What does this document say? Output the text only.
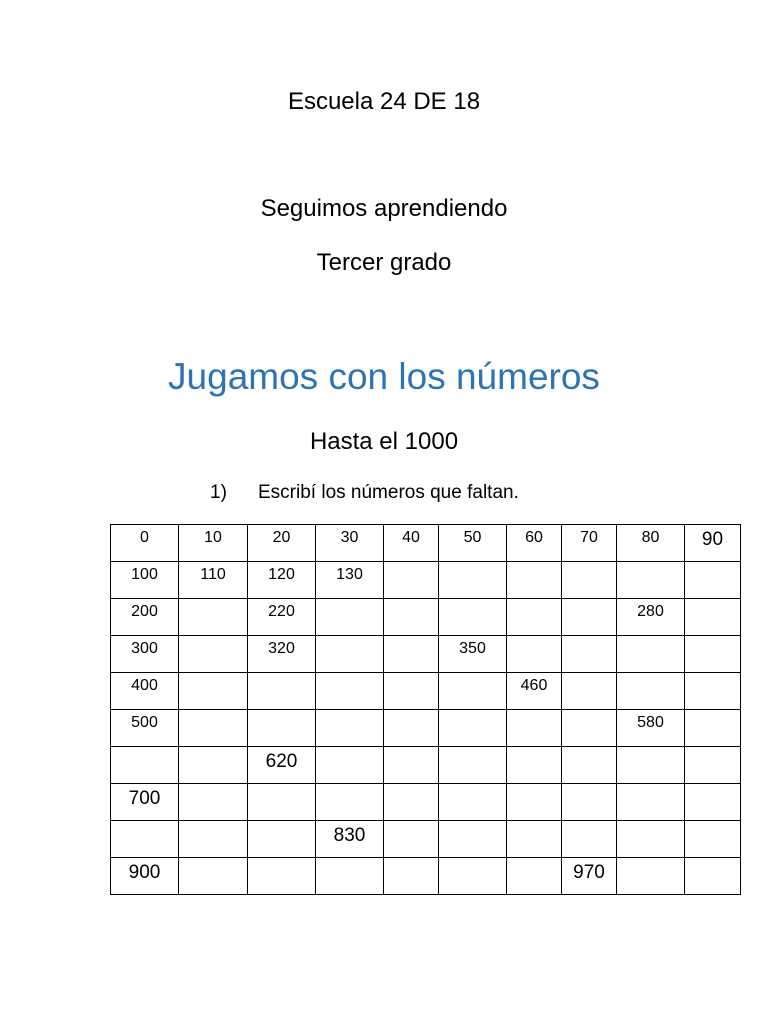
Escuela 24 DE 18
Seguimos aprendiendo
Tercer grado
Jugamos con los números
Hasta el 1000
1) Escribí los números que faltan.
0	10	20	30	40	50	60	70	80	90
100	110	120	130						
200		220						280	
300		320			350				
400						460			
500								580	
		620							
700									
			830						
900							970		
